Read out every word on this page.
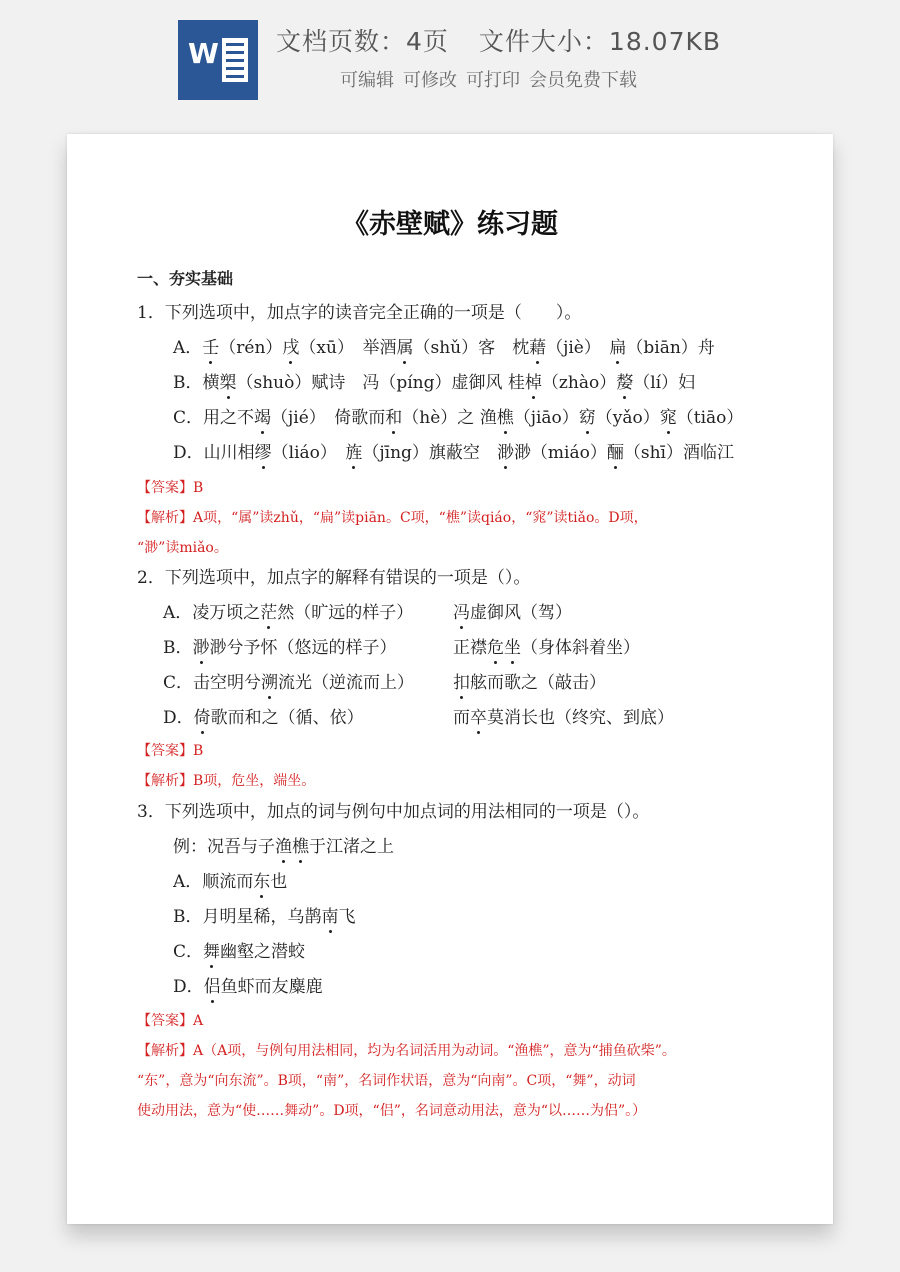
W 文档页数：4页 文件大小：18.07KB
可编辑 可修改 可打印 会员免费下载
《赤壁赋》练习题
一、夯实基础
1．下列选项中，加点字的读音完全正确的一项是（　　）。
A．壬（rén）戌（xū）　举酒属（shǔ）客　枕藉（jiè）　扁（biān）舟
B．横槊（shuò）赋诗　冯（píng）虚御风 桂棹（zhào）嫠（lí）妇
C．用之不竭（jié）　倚歌而和（hè）之 渔樵（jiāo）窈（yǎo）窕（tiāo）
D．山川相缪（liáo）　旌（jīng）旗蔽空　渺渺（miáo）酾（shī）酒临江
【答案】B
【解析】A项，“属”读zhǔ，“扁”读piān。C项，“樵”读qiáo，“窕”读tiǎo。D项，
“渺”读miǎo。
2．下列选项中，加点字的解释有错误的一项是（）。
A．凌万顷之茫然（旷远的样子） 冯虚御风（驾）
B．渺渺兮予怀（悠远的样子）	正襟危坐（身体斜着坐）
C．击空明兮溯流光（逆流而上） 扣舷而歌之（敲击）
D．倚歌而和之（循、依）	而卒莫消长也（终究、到底）
【答案】B
【解析】B项，危坐，端坐。
3．下列选项中，加点的词与例句中加点词的用法相同的一项是（）。
例：况吾与子渔樵于江渚之上
A．顺流而东也
B．月明星稀，乌鹊南飞
C．舞幽壑之潜蛟
D．侣鱼虾而友麋鹿
【答案】A
【解析】A（A项，与例句用法相同，均为名词活用为动词。“渔樵”，意为“捕鱼砍柴”。
“东”，意为“向东流”。B项，“南”，名词作状语，意为“向南”。C项，“舞”，动词
使动用法，意为“使……舞动”。D项，“侣”，名词意动用法，意为“以……为侣”。）
